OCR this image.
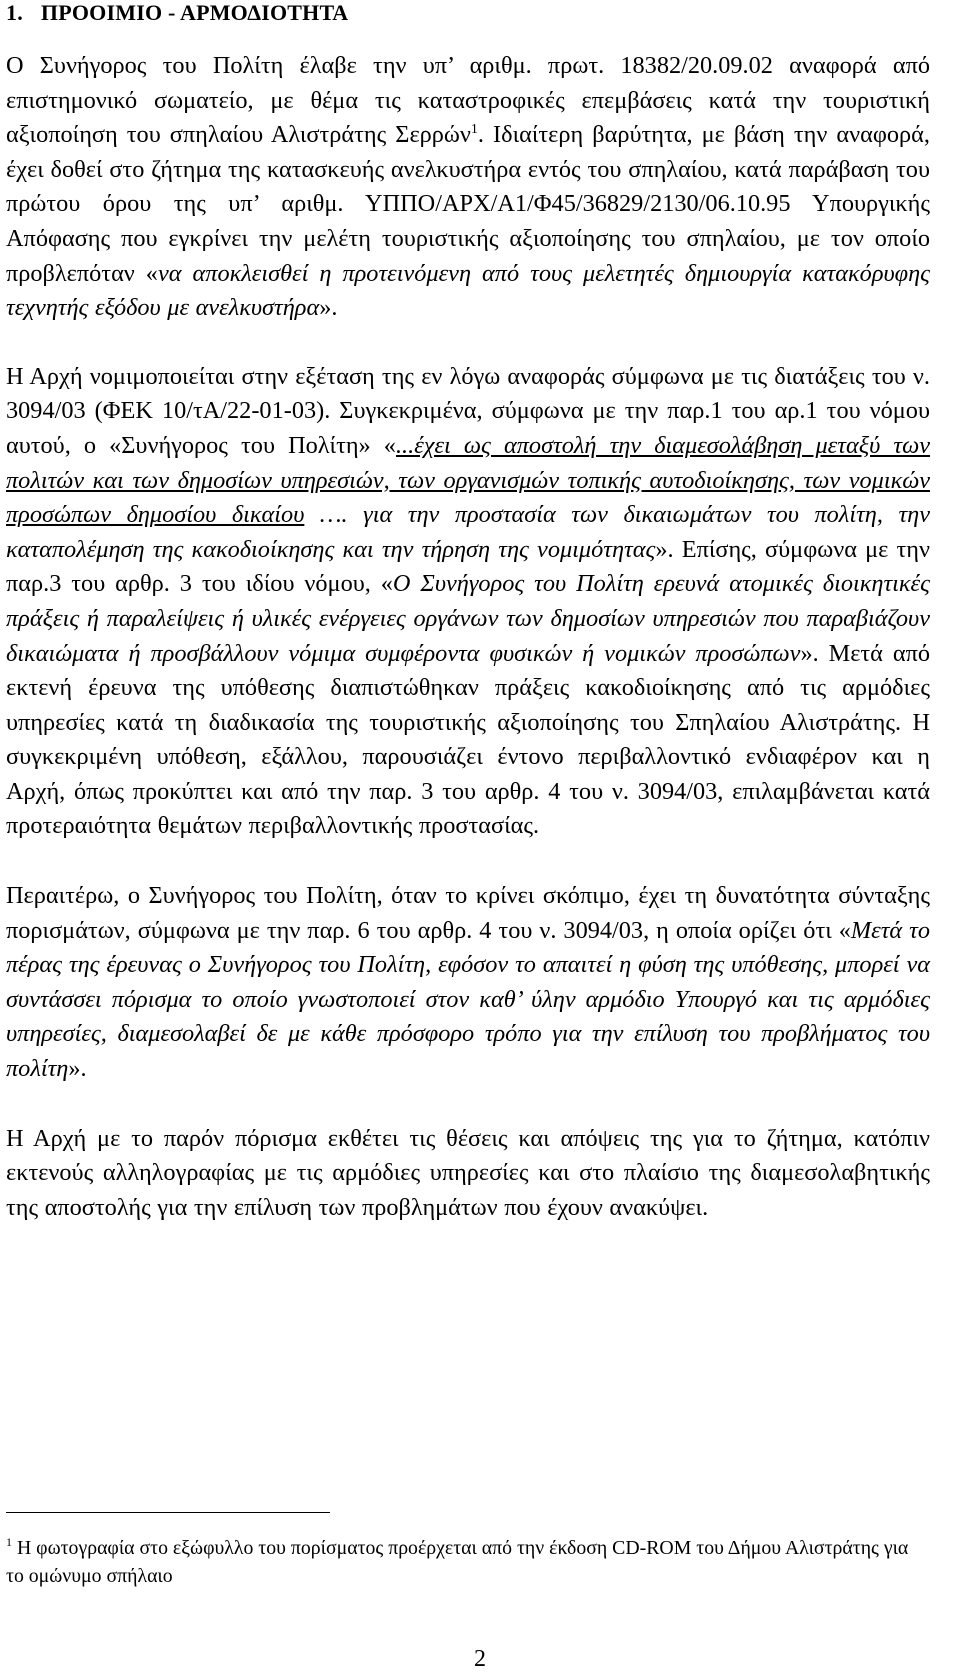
1. ΠΡΟΟΙΜΙΟ - ΑΡΜΟΔΙΟΤΗΤΑ

Ο Συνήγορος του Πολίτη έλαβε την υπ’ αριθμ. πρωτ. 18382/20.09.02 αναφορά από επιστημονικό σωματείο, με θέμα τις καταστροφικές επεμβάσεις κατά την τουριστική αξιοποίηση του σπηλαίου Αλιστράτης Σερρών$^1$. Ιδιαίτερη βαρύτητα, με βάση την αναφορά, έχει δοθεί στο ζήτημα της κατασκευής ανελκυστήρα εντός του σπηλαίου, κατά παράβαση του πρώτου όρου της υπ’ αριθμ. ΥΠΠΟ/ΑΡΧ/Α1/Φ45/36829/2130/06.10.95 Υπουργικής Απόφασης που εγκρίνει την μελέτη τουριστικής αξιοποίησης του σπηλαίου, με τον οποίο προβλεπόταν «να αποκλεισθεί η προτεινόμενη από τους μελετητές δημιουργία κατακόρυφης τεχνητής εξόδου με ανελκυστήρα».

Η Αρχή νομιμοποιείται στην εξέταση της εν λόγω αναφοράς σύμφωνα με τις διατάξεις του ν. 3094/03 (ΦΕΚ 10/τΑ/22-01-03). Συγκεκριμένα, σύμφωνα με την παρ.1 του αρ.1 του νόμου αυτού, ο «Συνήγορος του Πολίτη» «...έχει ως αποστολή την διαμεσολάβηση μεταξύ των πολιτών και των δημοσίων υπηρεσιών, των οργανισμών τοπικής αυτοδιοίκησης, των νομικών προσώπων δημοσίου δικαίου …. για την προστασία των δικαιωμάτων του πολίτη, την καταπολέμηση της κακοδιοίκησης και την τήρηση της νομιμότητας». Επίσης, σύμφωνα με την παρ.3 του αρθρ. 3 του ιδίου νόμου, «Ο Συνήγορος του Πολίτη ερευνά ατομικές διοικητικές πράξεις ή παραλείψεις ή υλικές ενέργειες οργάνων των δημοσίων υπηρεσιών που παραβιάζουν δικαιώματα ή προσβάλλουν νόμιμα συμφέροντα φυσικών ή νομικών προσώπων». Μετά από εκτενή έρευνα της υπόθεσης διαπιστώθηκαν πράξεις κακοδιοίκησης από τις αρμόδιες υπηρεσίες κατά τη διαδικασία της τουριστικής αξιοποίησης του Σπηλαίου Αλιστράτης. Η συγκεκριμένη υπόθεση, εξάλλου, παρουσιάζει έντονο περιβαλλοντικό ενδιαφέρον και η Αρχή, όπως προκύπτει και από την παρ. 3 του αρθρ. 4 του ν. 3094/03, επιλαμβάνεται κατά προτεραιότητα θεμάτων περιβαλλοντικής προστασίας.

Περαιτέρω, ο Συνήγορος του Πολίτη, όταν το κρίνει σκόπιμο, έχει τη δυνατότητα σύνταξης πορισμάτων, σύμφωνα με την παρ. 6 του αρθρ. 4 του ν. 3094/03, η οποία ορίζει ότι «Μετά το πέρας της έρευνας ο Συνήγορος του Πολίτη, εφόσον το απαιτεί η φύση της υπόθεσης, μπορεί να συντάσσει πόρισμα το οποίο γνωστοποιεί στον καθ’ ύλην αρμόδιο Υπουργό και τις αρμόδιες υπηρεσίες, διαμεσολαβεί δε με κάθε πρόσφορο τρόπο για την επίλυση του προβλήματος του πολίτη».

Η Αρχή με το παρόν πόρισμα εκθέτει τις θέσεις και απόψεις της για το ζήτημα, κατόπιν εκτενούς αλληλογραφίας με τις αρμόδιες υπηρεσίες και στο πλαίσιο της διαμεσολαβητικής της αποστολής για την επίλυση των προβλημάτων που έχουν ανακύψει.

$^1$ Η φωτογραφία στο εξώφυλλο του πορίσματος προέρχεται από την έκδοση CD-ROM του Δήμου Αλιστράτης για το ομώνυμο σπήλαιο

2
